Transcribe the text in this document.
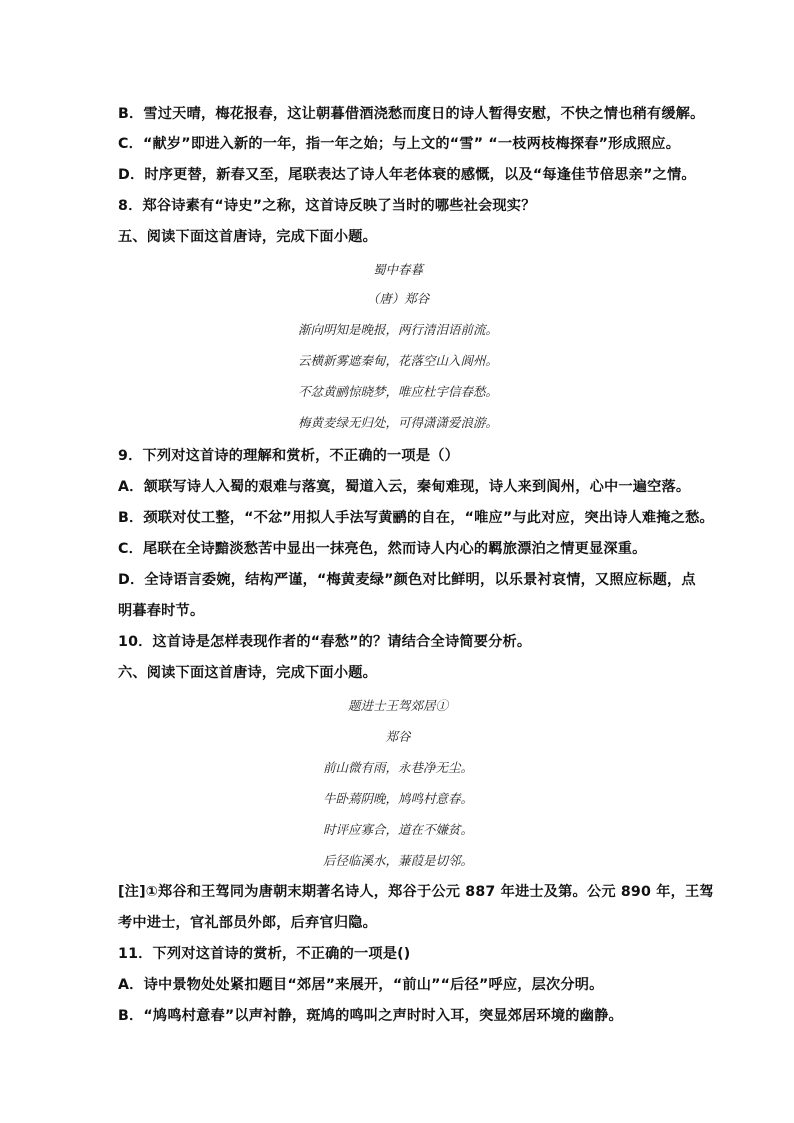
B．雪过天晴，梅花报春，这让朝暮借酒浇愁而度日的诗人暂得安慰，不快之情也稍有缓解。
C．“献岁”即进入新的一年，指一年之始；与上文的“雪” “一枝两枝梅探春”形成照应。
D．时序更替，新春又至，尾联表达了诗人年老体衰的感慨，以及“每逢佳节倍思亲”之情。
8．郑谷诗素有“诗史”之称，这首诗反映了当时的哪些社会现实？
五、阅读下面这首唐诗，完成下面小题。
蜀中春暮
（唐）郑谷
渐向明知是晚报，两行清泪语前流。
云横新雾遮秦甸，花落空山入阆州。
不忿黄鹂惊晓梦，唯应杜宇信春愁。
梅黄麦绿无归处，可得潇潇爱浪游。
9．下列对这首诗的理解和赏析，不正确的一项是（）
A．颔联写诗人入蜀的艰难与落寞，蜀道入云，秦甸难现，诗人来到阆州，心中一遍空落。
B．颈联对仗工整，“不忿”用拟人手法写黄鹂的自在，“唯应”与此对应，突出诗人难掩之愁。
C．尾联在全诗黯淡愁苦中显出一抹亮色，然而诗人内心的羁旅漂泊之情更显深重。
D．全诗语言委婉，结构严谨，“梅黄麦绿”颜色对比鲜明，以乐景衬哀情，又照应标题，点
明暮春时节。
10．这首诗是怎样表现作者的“春愁”的？请结合全诗简要分析。
六、阅读下面这首唐诗，完成下面小题。
题进士王驾郊居①
郑谷
前山微有雨，永巷净无尘。
牛卧蔫阴晚，鸠鸣村意春。
时评应寡合，道在不嫌贫。
后径临溪水，蒹葭是切邻。
[注]①郑谷和王驾同为唐朝末期著名诗人，郑谷于公元 887 年进士及第。公元 890 年，王驾
考中进士，官礼部员外郎，后弃官归隐。
11．下列对这首诗的赏析，不正确的一项是()
A．诗中景物处处紧扣题目“郊居”来展开，“前山”“后径”呼应，层次分明。
B．“鸠鸣村意春”以声衬静，斑鸠的鸣叫之声时时入耳，突显郊居环境的幽静。
